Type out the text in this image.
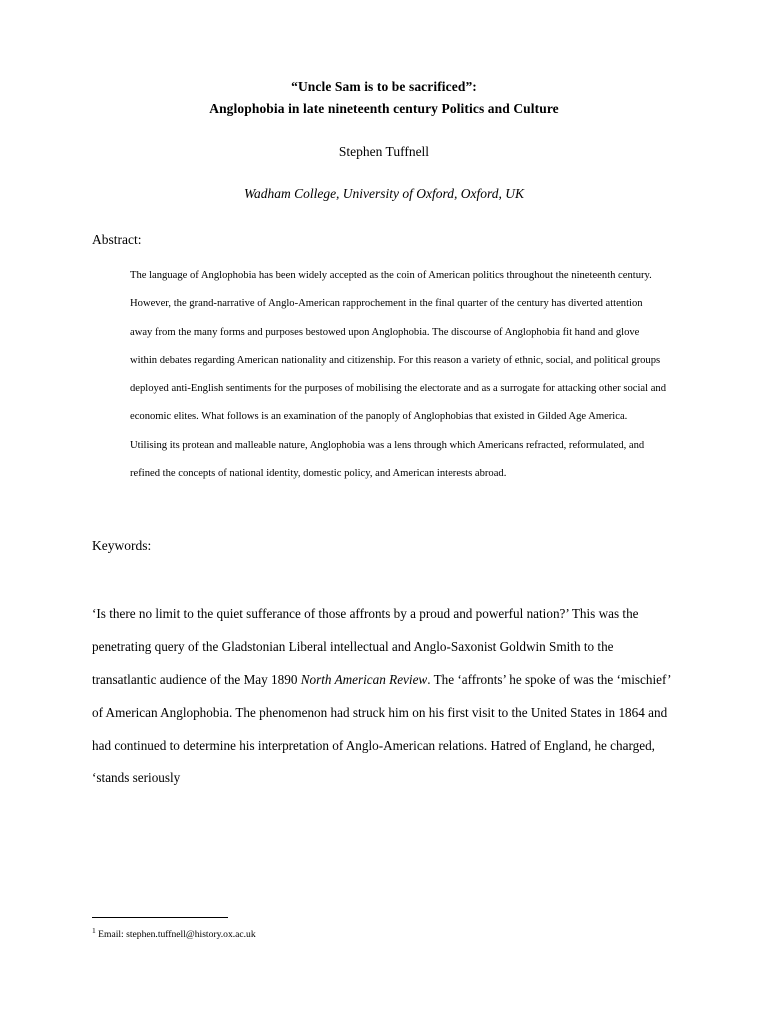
“Uncle Sam is to be sacrificed”:
Anglophobia in late nineteenth century Politics and Culture
Stephen Tuffnell
Wadham College, University of Oxford, Oxford, UK
Abstract:
The language of Anglophobia has been widely accepted as the coin of American politics throughout the nineteenth century. However, the grand-narrative of Anglo-American rapprochement in the final quarter of the century has diverted attention away from the many forms and purposes bestowed upon Anglophobia. The discourse of Anglophobia fit hand and glove within debates regarding American nationality and citizenship. For this reason a variety of ethnic, social, and political groups deployed anti-English sentiments for the purposes of mobilising the electorate and as a surrogate for attacking other social and economic elites. What follows is an examination of the panoply of Anglophobias that existed in Gilded Age America. Utilising its protean and malleable nature, Anglophobia was a lens through which Americans refracted, reformulated, and refined the concepts of national identity, domestic policy, and American interests abroad.
Keywords:
‘Is there no limit to the quiet sufferance of those affronts by a proud and powerful nation?’ This was the penetrating query of the Gladstonian Liberal intellectual and Anglo-Saxonist Goldwin Smith to the transatlantic audience of the May 1890 North American Review. The ‘affronts’ he spoke of was the ‘mischief’ of American Anglophobia. The phenomenon had struck him on his first visit to the United States in 1864 and had continued to determine his interpretation of Anglo-American relations. Hatred of England, he charged, ‘stands seriously
$^1$ Email: stephen.tuffnell@history.ox.ac.uk
